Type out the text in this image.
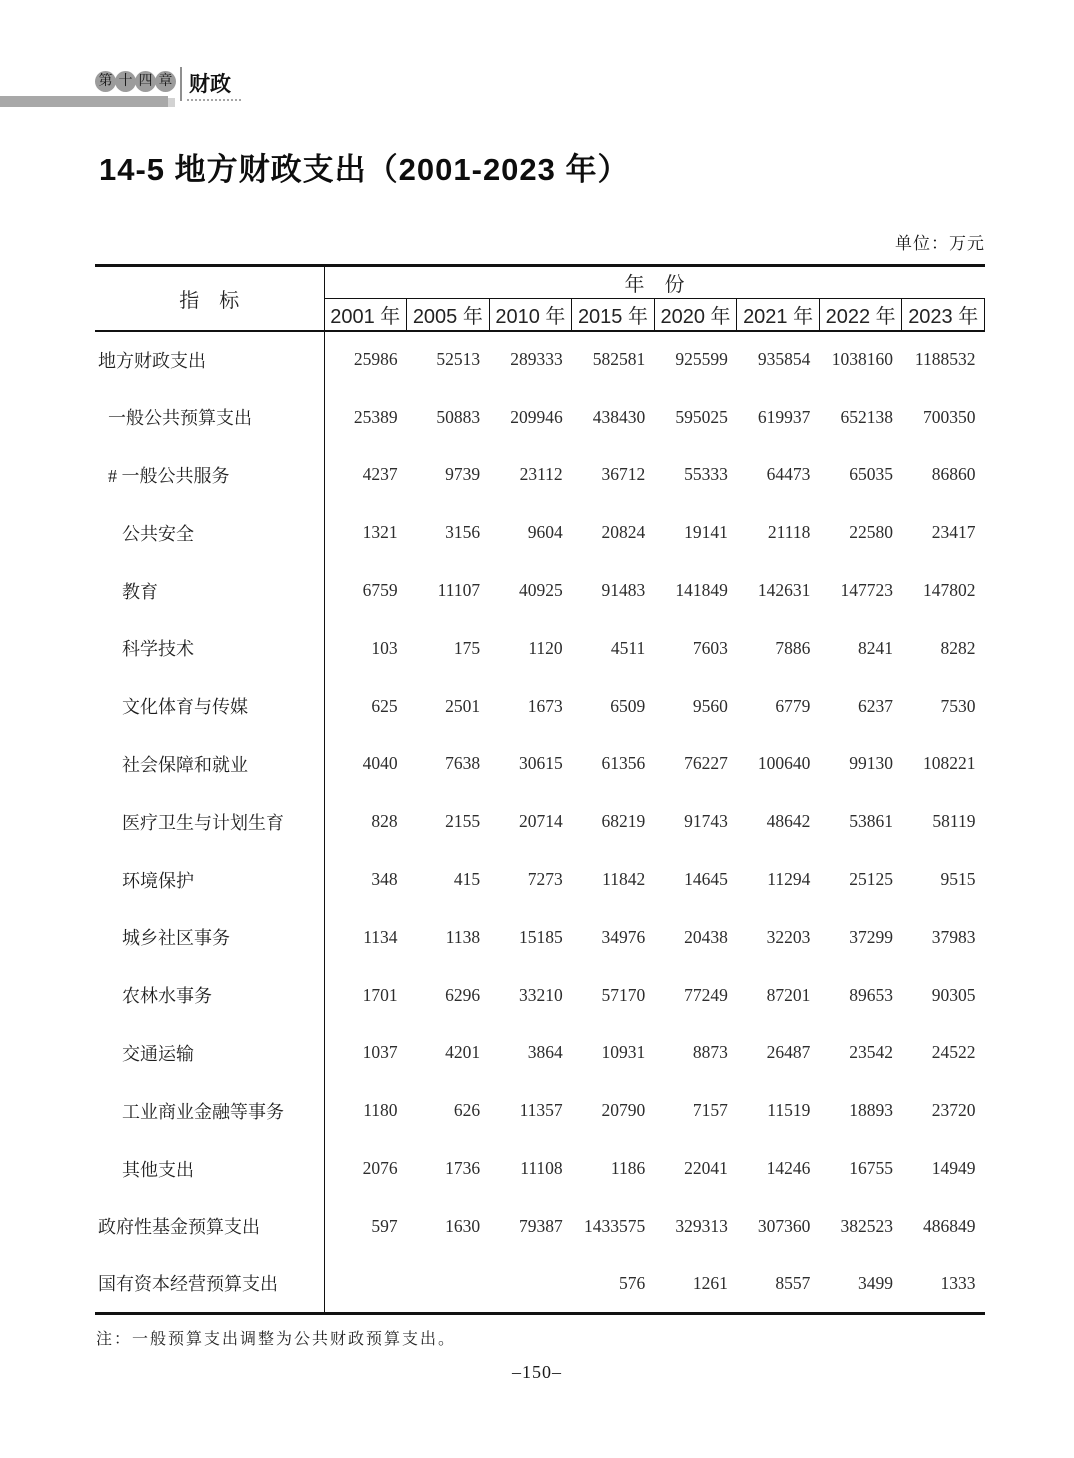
第 十 四 章 财政
14-5 地方财政支出（2001-2023 年）
单位：万元
指　标	年　份							
	2001 年	2005 年	2010 年	2015 年	2020 年	2021 年	2022 年	2023 年
地方财政支出	25986	52513	289333	582581	925599	935854	1038160	1188532
一般公共预算支出	25389	50883	209946	438430	595025	619937	652138	700350
# 一般公共服务	4237	9739	23112	36712	55333	64473	65035	86860
公共安全	1321	3156	9604	20824	19141	21118	22580	23417
教育	6759	11107	40925	91483	141849	142631	147723	147802
科学技术	103	175	1120	4511	7603	7886	8241	8282
文化体育与传媒	625	2501	1673	6509	9560	6779	6237	7530
社会保障和就业	4040	7638	30615	61356	76227	100640	99130	108221
医疗卫生与计划生育	828	2155	20714	68219	91743	48642	53861	58119
环境保护	348	415	7273	11842	14645	11294	25125	9515
城乡社区事务	1134	1138	15185	34976	20438	32203	37299	37983
农林水事务	1701	6296	33210	57170	77249	87201	89653	90305
交通运输	1037	4201	3864	10931	8873	26487	23542	24522
工业商业金融等事务	1180	626	11357	20790	7157	11519	18893	23720
其他支出	2076	1736	11108	1186	22041	14246	16755	14949
政府性基金预算支出	597	1630	79387	1433575	329313	307360	382523	486849
国有资本经营预算支出				576	1261	8557	3499	1333
注：一般预算支出调整为公共财政预算支出。
–150–
